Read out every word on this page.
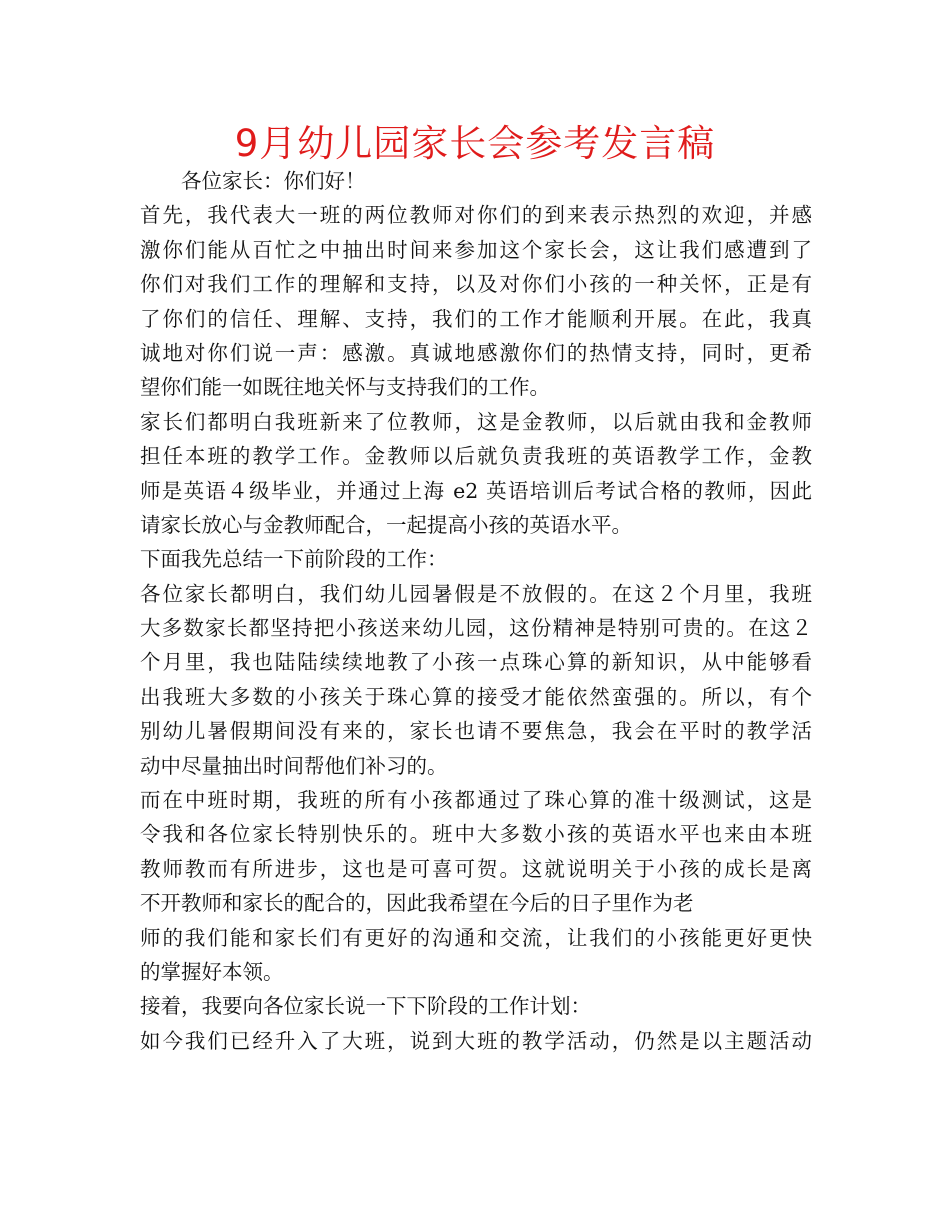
9月幼儿园家长会参考发言稿
各位家长：你们好！
首先，我代表大一班的两位教师对你们的到来表示热烈的欢迎，并感
激你们能从百忙之中抽出时间来参加这个家长会，这让我们感遭到了
你们对我们工作的理解和支持，以及对你们小孩的一种关怀，正是有
了你们的信任、理解、支持，我们的工作才能顺利开展。在此，我真
诚地对你们说一声：感激。真诚地感激你们的热情支持，同时，更希
望你们能一如既往地关怀与支持我们的工作。
家长们都明白我班新来了位教师，这是金教师，以后就由我和金教师
担任本班的教学工作。金教师以后就负责我班的英语教学工作，金教
师是英语４级毕业，并通过上海 e2 英语培训后考试合格的教师，因此
请家长放心与金教师配合，一起提高小孩的英语水平。
下面我先总结一下前阶段的工作：
各位家长都明白，我们幼儿园暑假是不放假的。在这２个月里，我班
大多数家长都坚持把小孩送来幼儿园，这份精神是特别可贵的。在这２
个月里，我也陆陆续续地教了小孩一点珠心算的新知识，从中能够看
出我班大多数的小孩关于珠心算的接受才能依然蛮强的。所以，有个
别幼儿暑假期间没有来的，家长也请不要焦急，我会在平时的教学活
动中尽量抽出时间帮他们补习的。
而在中班时期，我班的所有小孩都通过了珠心算的准十级测试，这是
令我和各位家长特别快乐的。班中大多数小孩的英语水平也来由本班
教师教而有所进步，这也是可喜可贺。这就说明关于小孩的成长是离
不开教师和家长的配合的，因此我希望在今后的日子里作为老
师的我们能和家长们有更好的沟通和交流，让我们的小孩能更好更快
的掌握好本领。
接着，我要向各位家长说一下下阶段的工作计划：
如今我们已经升入了大班，说到大班的教学活动，仍然是以主题活动
